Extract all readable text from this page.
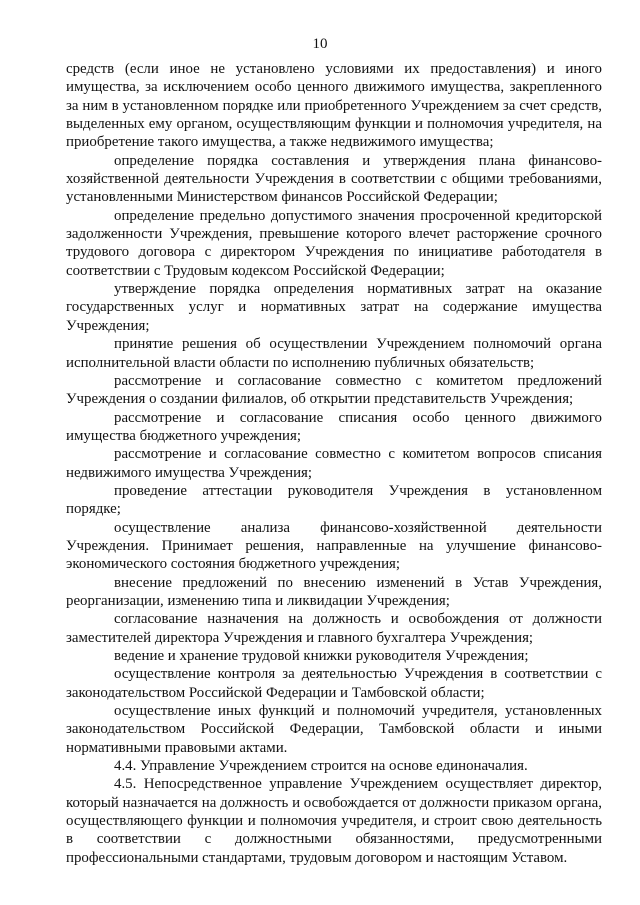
10

средств (если иное не установлено условиями их предоставления) и иного имущества, за исключением особо ценного движимого имущества, закрепленного за ним в установленном порядке или приобретенного Учреждением за счет средств, выделенных ему органом, осуществляющим функции и полномочия учредителя, на приобретение такого имущества, а также недвижимого имущества;

определение порядка составления и утверждения плана финансово-хозяйственной деятельности Учреждения в соответствии с общими требованиями, установленными Министерством финансов Российской Федерации;

определение предельно допустимого значения просроченной кредиторской задолженности Учреждения, превышение которого влечет расторжение срочного трудового договора с директором Учреждения по инициативе работодателя в соответствии с Трудовым кодексом Российской Федерации;

утверждение порядка определения нормативных затрат на оказание государственных услуг и нормативных затрат на содержание имущества Учреждения;

принятие решения об осуществлении Учреждением полномочий органа исполнительной власти области по исполнению публичных обязательств;

рассмотрение и согласование совместно с комитетом предложений Учреждения о создании филиалов, об открытии представительств Учреждения;

рассмотрение и согласование списания особо ценного движимого имущества бюджетного учреждения;

рассмотрение и согласование совместно с комитетом вопросов списания недвижимого имущества Учреждения;

проведение аттестации руководителя Учреждения в установленном порядке;

осуществление анализа финансово-хозяйственной деятельности

Учреждения. Принимает решения, направленные на улучшение финансово-экономического состояния бюджетного учреждения;

внесение предложений по внесению изменений в Устав Учреждения, реорганизации, изменению типа и ликвидации Учреждения;

согласование назначения на должность и освобождения от должности заместителей директора Учреждения и главного бухгалтера Учреждения;

ведение и хранение трудовой книжки руководителя Учреждения;

осуществление контроля за деятельностью Учреждения в соответствии с законодательством Российской Федерации и Тамбовской области;

осуществление иных функций и полномочий учредителя, установленных законодательством Российской Федерации, Тамбовской области и иными нормативными правовыми актами.

4.4. Управление Учреждением строится на основе единоначалия.

4.5. Непосредственное управление Учреждением осуществляет директор, который назначается на должность и освобождается от должности приказом органа, осуществляющего функции и полномочия учредителя, и строит свою деятельность в соответствии с должностными обязанностями, предусмотренными профессиональными стандартами, трудовым договором и настоящим Уставом.
